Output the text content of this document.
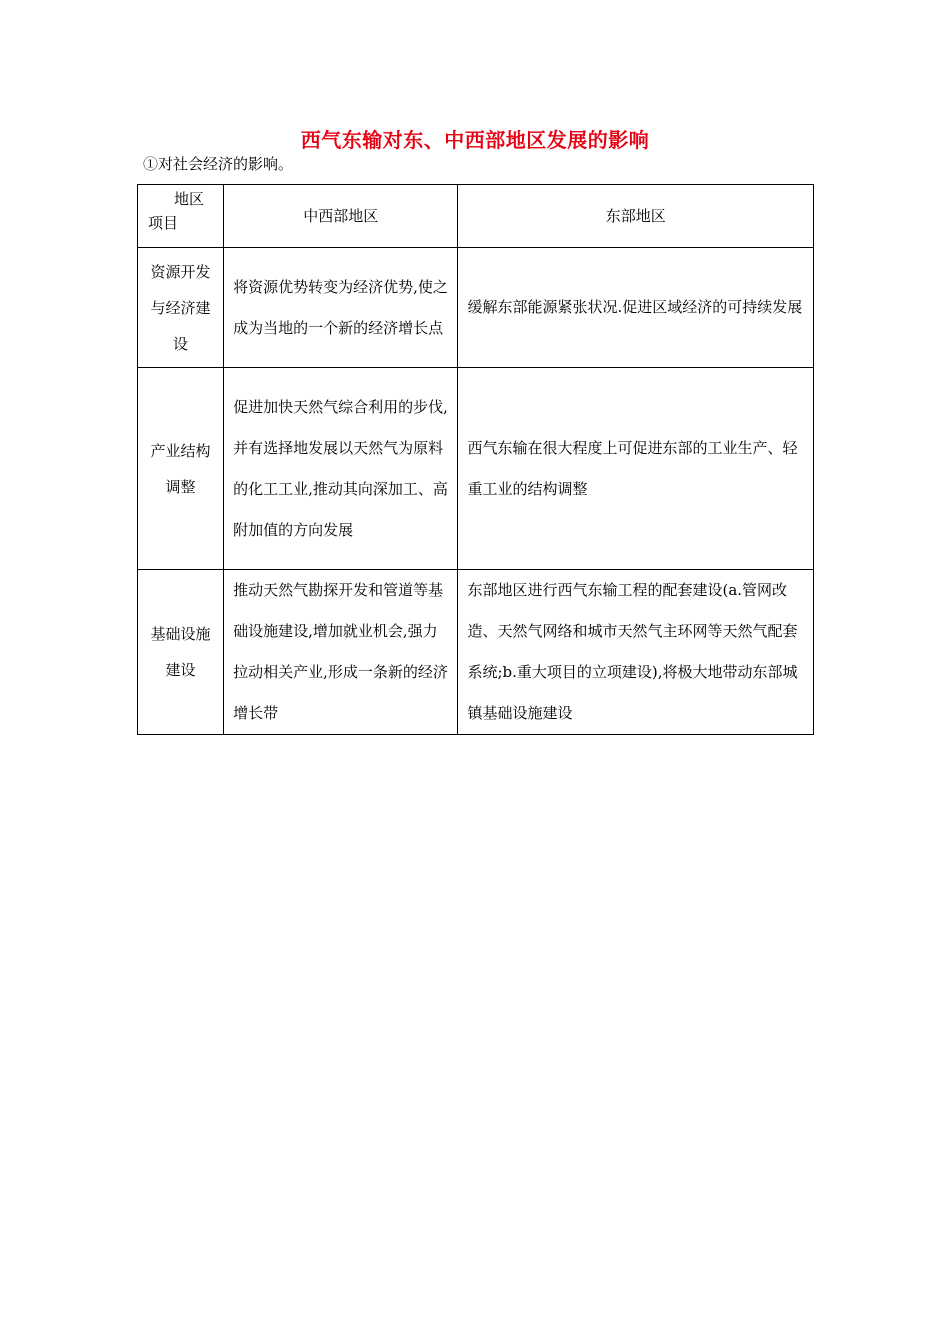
西气东输对东、中西部地区发展的影响
①对社会经济的影响。
地区
项目	中西部地区	东部地区

资源开发与经济建设	将资源优势转变为经济优势,使之成为当地的一个新的经济增长点	缓解东部能源紧张状况.促进区域经济的可持续发展

产业结构调整	促进加快天然气综合利用的步伐,并有选择地发展以天然气为原料的化工工业,推动其向深加工、高附加值的方向发展	西气东输在很大程度上可促进东部的工业生产、轻重工业的结构调整

基础设施建设	推动天然气勘探开发和管道等基础设施建设,增加就业机会,强力拉动相关产业,形成一条新的经济增长带	东部地区进行西气东输工程的配套建设(a.管网改造、天然气网络和城市天然气主环网等天然气配套系统;b.重大项目的立项建设),将极大地带动东部城镇基础设施建设
